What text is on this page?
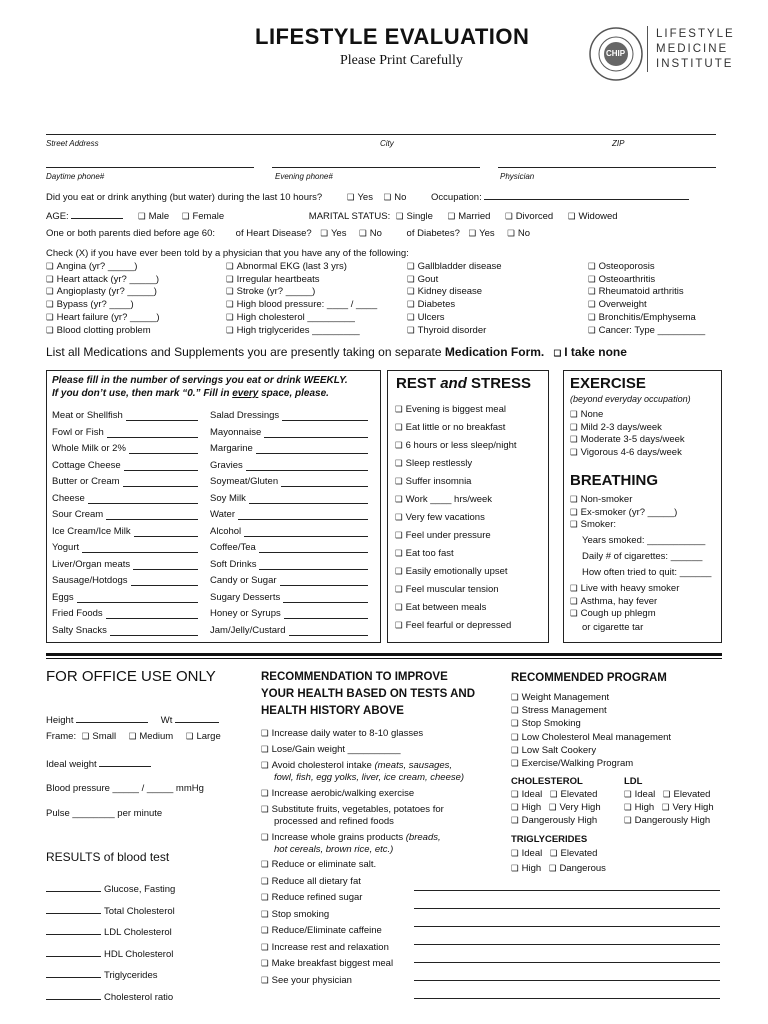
LIFESTYLE EVALUATION
Please Print Carefully	CHIP
LIFESTYLE
MEDICINE
INSTITUTE
Street Address	City	ZIP
Daytime phone#	Evening phone#	Physician
Did you eat or drink anything (but water) during the last 10 hours?	❑ Yes ❑ No	Occupation:
AGE:	❑ Male ❑ Female	MARITAL STATUS: ❑ Single	❑ Married	❑ Divorced	❑ Widowed
One or both parents died before age 60: of Heart Disease? ❑ Yes ❑ No	of Diabetes? ❑ Yes ❑ No
Check (X) if you have ever been told by a physician that you have any of the following:
❑ Angina (yr? _____)
❑ Heart attack (yr? _____)
❑ Angioplasty (yr? _____)
❑ Bypass (yr? ____)
❑ Heart failure (yr? _____)
❑ Blood clotting problem
❑ Abnormal EKG (last 3 yrs)
❑ Irregular heartbeats
❑ Stroke (yr? _____)
❑ High blood pressure: ____ / ____
❑ High cholesterol _________
❑ High triglycerides _________
❑ Gallbladder disease
❑ Gout
❑ Kidney disease
❑ Diabetes
❑ Ulcers
❑ Thyroid disorder
❑ Osteoporosis
❑ Osteoarthritis
❑ Rheumatoid arthritis
❑ Overweight
❑ Bronchitis/Emphysema
❑ Cancer: Type _________
List all Medications and Supplements you are presently taking on separate Medication Form. ❑ I take none
Please fill in the number of servings you eat or drink WEEKLY.
If you don’t use, then mark “0.” Fill in every space, please.
Meat or Shellfish
Fowl or Fish
Whole Milk or 2%
Cottage Cheese
Butter or Cream
Cheese
Sour Cream
Ice Cream/Ice Milk
Yogurt
Liver/Organ meats
Sausage/Hotdogs
Eggs
Fried Foods
Salty Snacks
Salad Dressings
Mayonnaise
Margarine
Gravies
Soymeat/Gluten
Soy Milk
Water
Alcohol
Coffee/Tea
Soft Drinks
Candy or Sugar
Sugary Desserts
Honey or Syrups
Jam/Jelly/Custard
REST and STRESS
❑ Evening is biggest meal
❑ Eat little or no breakfast
❑ 6 hours or less sleep/night
❑ Sleep restlessly
❑ Suffer insomnia
❑ Work ____ hrs/week
❑ Very few vacations
❑ Feel under pressure
❑ Eat too fast
❑ Easily emotionally upset
❑ Feel muscular tension
❑ Eat between meals
❑ Feel fearful or depressed
EXERCISE
(beyond everyday occupation)
❑ None
❑ Mild 2-3 days/week
❑ Moderate 3-5 days/week
❑ Vigorous 4-6 days/week
BREATHING
❑ Non-smoker
❑ Ex-smoker (yr? _____)
❑ Smoker:
Years smoked: ___________
Daily # of cigarettes: ______
How often tried to quit: ______
❑ Live with heavy smoker
❑ Asthma, hay fever
❑ Cough up phlegm
or cigarette tar
FOR OFFICE USE ONLY
Height	Wt
Frame: ❑ Small ❑ Medium ❑ Large
Ideal weight
Blood pressure _____ / _____ mmHg
Pulse ________ per minute
RESULTS of blood test
Glucose, Fasting
Total Cholesterol
LDL Cholesterol
HDL Cholesterol
Triglycerides
Cholesterol ratio
RECOMMENDATION TO IMPROVE
YOUR HEALTH BASED ON TESTS AND
HEALTH HISTORY ABOVE
❑ Increase daily water to 8-10 glasses
❑ Lose/Gain weight __________
❑ Avoid cholesterol intake (meats, sausages,
fowl, fish, egg yolks, liver, ice cream, cheese)
❑ Increase aerobic/walking exercise
❑ Substitute fruits, vegetables, potatoes for
processed and refined foods
❑ Increase whole grains products (breads,
hot cereals, brown rice, etc.)
❑ Reduce or eliminate salt.
❑ Reduce all dietary fat
❑ Reduce refined sugar
❑ Stop smoking
❑ Reduce/Eliminate caffeine
❑ Increase rest and relaxation
❑ Make breakfast biggest meal
❑ See your physician
RECOMMENDED PROGRAM
❑ Weight Management
❑ Stress Management
❑ Stop Smoking
❑ Low Cholesterol Meal management
❑ Low Salt Cookery
❑ Exercise/Walking Program
CHOLESTEROL	LDL
❑ Ideal ❑ Elevated
❑ High ❑ Very High
❑ Dangerously High
❑ Ideal ❑ Elevated
❑ High ❑ Very High
❑ Dangerously High
TRIGLYCERIDES
❑ Ideal ❑ Elevated
❑ High ❑ Dangerous
